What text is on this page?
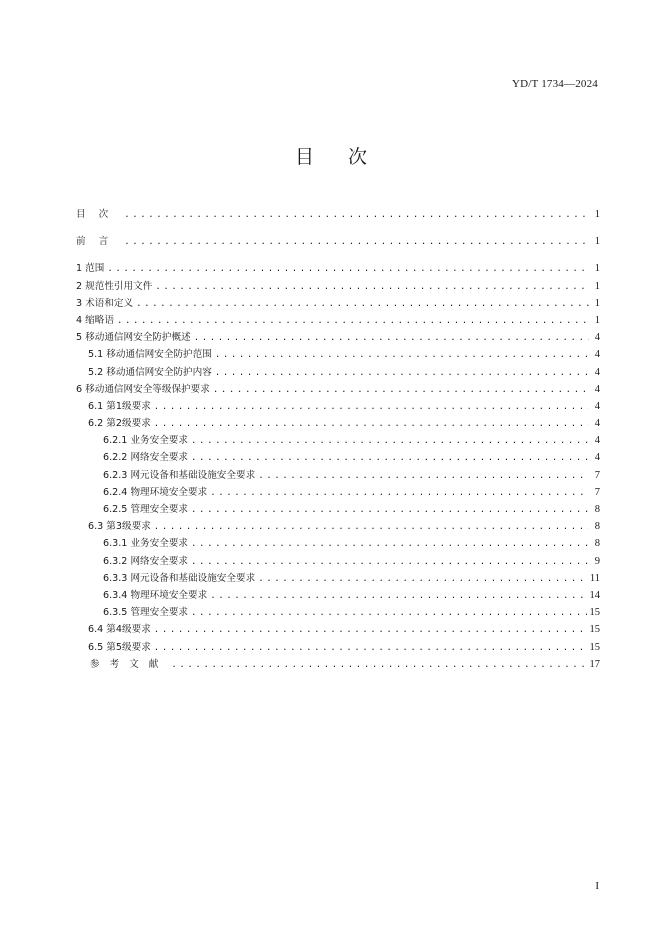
YD/T 1734—2024
目次
目次 .....	1
前言 .....	1
1 范围 .....	1
2 规范性引用文件 .....	1
3 术语和定义 .....	1
4 缩略语 .....	1
5 移动通信网安全防护概述 .....	4
5.1 移动通信网安全防护范围 .....	4
5.2 移动通信网安全防护内容 .....	4
6 移动通信网安全等级保护要求 .....	4
6.1 第1级要求 .....	4
6.2 第2级要求 .....	4
6.2.1 业务安全要求 .....	4
6.2.2 网络安全要求 .....	4
6.2.3 网元设备和基础设施安全要求 .....	7
6.2.4 物理环境安全要求 .....	7
6.2.5 管理安全要求 .....	8
6.3 第3级要求 .....	8
6.3.1 业务安全要求 .....	8
6.3.2 网络安全要求 .....	9
6.3.3 网元设备和基础设施安全要求 .....	11
6.3.4 物理环境安全要求 .....	14
6.3.5 管理安全要求 .....	15
6.4 第4级要求 .....	15
6.5 第5级要求 .....	15
参考文献 .....	17
I
